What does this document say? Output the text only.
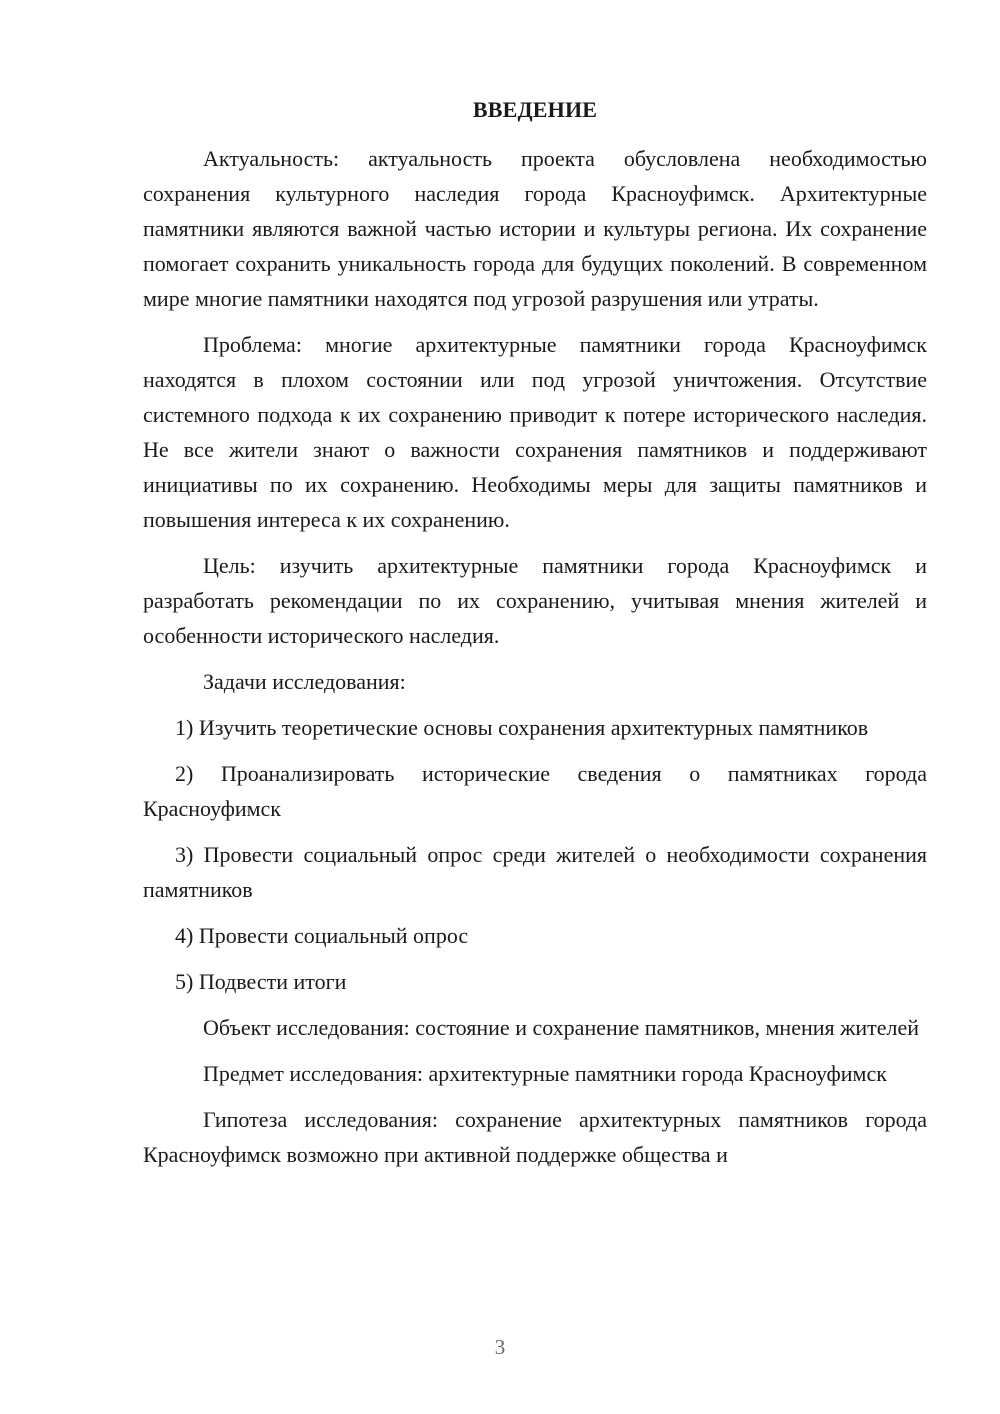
ВВЕДЕНИЕ

Актуальность: актуальность проекта обусловлена необходимостью сохранения культурного наследия города Красноуфимск. Архитектурные памятники являются важной частью истории и культуры региона. Их сохранение помогает сохранить уникальность города для будущих поколений. В современном мире многие памятники находятся под угрозой разрушения или утраты.

Проблема: многие архитектурные памятники города Красноуфимск находятся в плохом состоянии или под угрозой уничтожения. Отсутствие системного подхода к их сохранению приводит к потере исторического наследия. Не все жители знают о важности сохранения памятников и поддерживают инициативы по их сохранению. Необходимы меры для защиты памятников и повышения интереса к их сохранению.

Цель: изучить архитектурные памятники города Красноуфимск и разработать рекомендации по их сохранению, учитывая мнения жителей и особенности исторического наследия.

Задачи исследования:

1) Изучить теоретические основы сохранения архитектурных памятников

2) Проанализировать исторические сведения о памятниках города Красноуфимск

3) Провести социальный опрос среди жителей о необходимости сохранения памятников

4) Провести социальный опрос

5) Подвести итоги

Объект исследования: состояние и сохранение памятников, мнения жителей

Предмет исследования: архитектурные памятники города Красноуфимск

Гипотеза исследования: сохранение архитектурных памятников города Красноуфимск возможно при активной поддержке общества и

3
